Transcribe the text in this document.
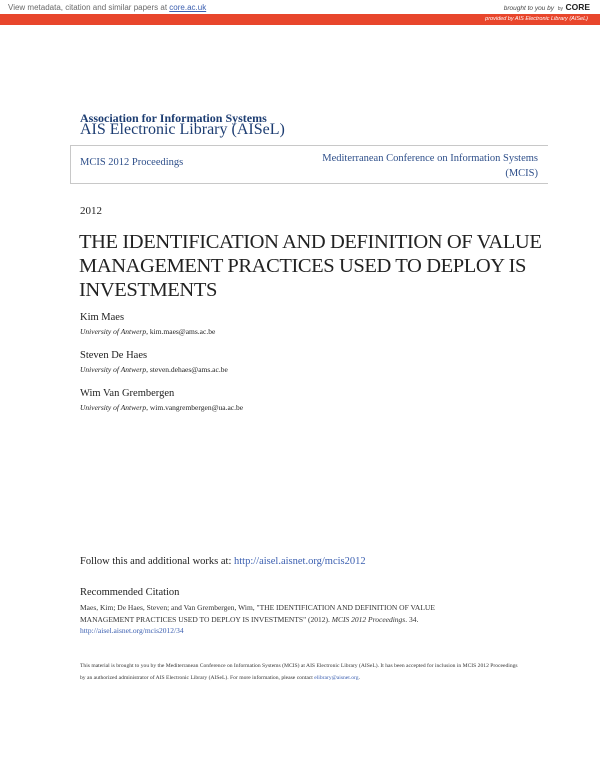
View metadata, citation and similar papers at core.ac.uk	brought to you by by CORE
provided by AIS Electronic Library (AISeL)
Association for Information Systems
AIS Electronic Library (AISeL)
MCIS 2012 Proceedings	Mediterranean Conference on Information Systems
(MCIS)
2012
THE IDENTIFICATION AND DEFINITION OF VALUE MANAGEMENT PRACTICES USED TO DEPLOY IS INVESTMENTS
Kim Maes
University of Antwerp, kim.maes@ams.ac.be
Steven De Haes
University of Antwerp, steven.dehaes@ams.ac.be
Wim Van Grembergen
University of Antwerp, wim.vangrembergen@ua.ac.be
Follow this and additional works at: http://aisel.aisnet.org/mcis2012
Recommended Citation
Maes, Kim; De Haes, Steven; and Van Grembergen, Wim, "THE IDENTIFICATION AND DEFINITION OF VALUE MANAGEMENT PRACTICES USED TO DEPLOY IS INVESTMENTS" (2012). MCIS 2012 Proceedings. 34.
http://aisel.aisnet.org/mcis2012/34
This material is brought to you by the Mediterranean Conference on Information Systems (MCIS) at AIS Electronic Library (AISeL). It has been accepted for inclusion in MCIS 2012 Proceedings by an authorized administrator of AIS Electronic Library (AISeL). For more information, please contact elibrary@aisnet.org.
